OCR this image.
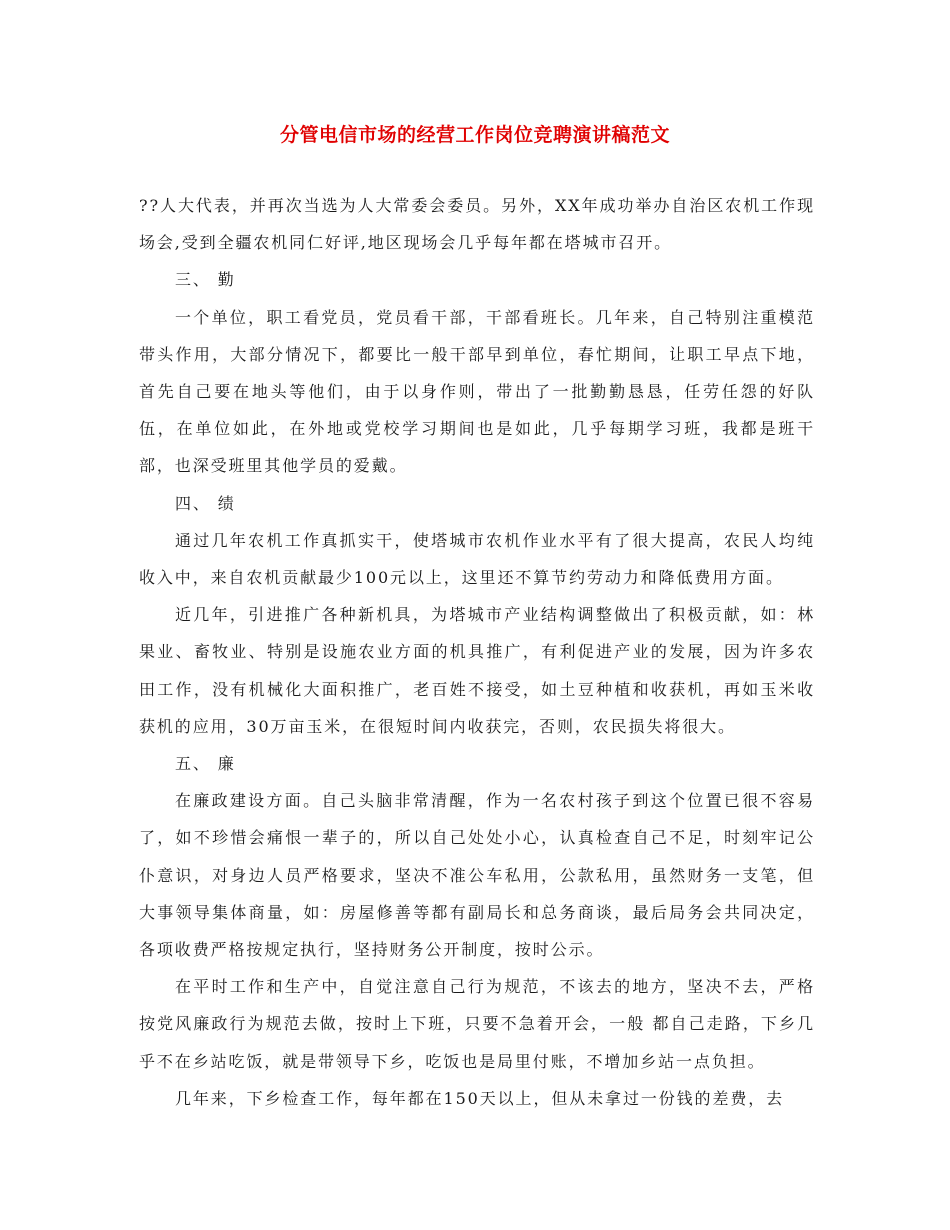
分管电信市场的经营工作岗位竞聘演讲稿范文

??人大代表，并再次当选为人大常委会委员。另外，XX年成功举办自治区农机工作现场会,受到全疆农机同仁好评,地区现场会几乎每年都在塔城市召开。

三、 勤

一个单位，职工看党员，党员看干部，干部看班长。几年来，自己特别注重模范带头作用，大部分情况下，都要比一般干部早到单位，春忙期间，让职工早点下地，首先自己要在地头等他们，由于以身作则，带出了一批勤勤恳恳，任劳任怨的好队伍，在单位如此，在外地或党校学习期间也是如此，几乎每期学习班，我都是班干部，也深受班里其他学员的爱戴。

四、 绩

通过几年农机工作真抓实干，使塔城市农机作业水平有了很大提高，农民人均纯收入中，来自农机贡献最少100元以上，这里还不算节约劳动力和降低费用方面。

近几年，引进推广各种新机具，为塔城市产业结构调整做出了积极贡献，如：林果业、畜牧业、特别是设施农业方面的机具推广，有利促进产业的发展，因为许多农田工作，没有机械化大面积推广，老百姓不接受，如土豆种植和收获机，再如玉米收获机的应用，30万亩玉米，在很短时间内收获完，否则，农民损失将很大。

五、 廉

在廉政建设方面。自己头脑非常清醒，作为一名农村孩子到这个位置已很不容易了，如不珍惜会痛恨一辈子的，所以自己处处小心，认真检查自己不足，时刻牢记公仆意识，对身边人员严格要求，坚决不准公车私用，公款私用，虽然财务一支笔，但大事领导集体商量，如：房屋修善等都有副局长和总务商谈，最后局务会共同决定，各项收费严格按规定执行，坚持财务公开制度，按时公示。

在平时工作和生产中，自觉注意自己行为规范，不该去的地方，坚决不去，严格按党风廉政行为规范去做，按时上下班，只要不急着开会，一般 都自己走路，下乡几乎不在乡站吃饭，就是带领导下乡，吃饭也是局里付账，不增加乡站一点负担。

几年来，下乡检查工作，每年都在150天以上，但从未拿过一份钱的差费，去
